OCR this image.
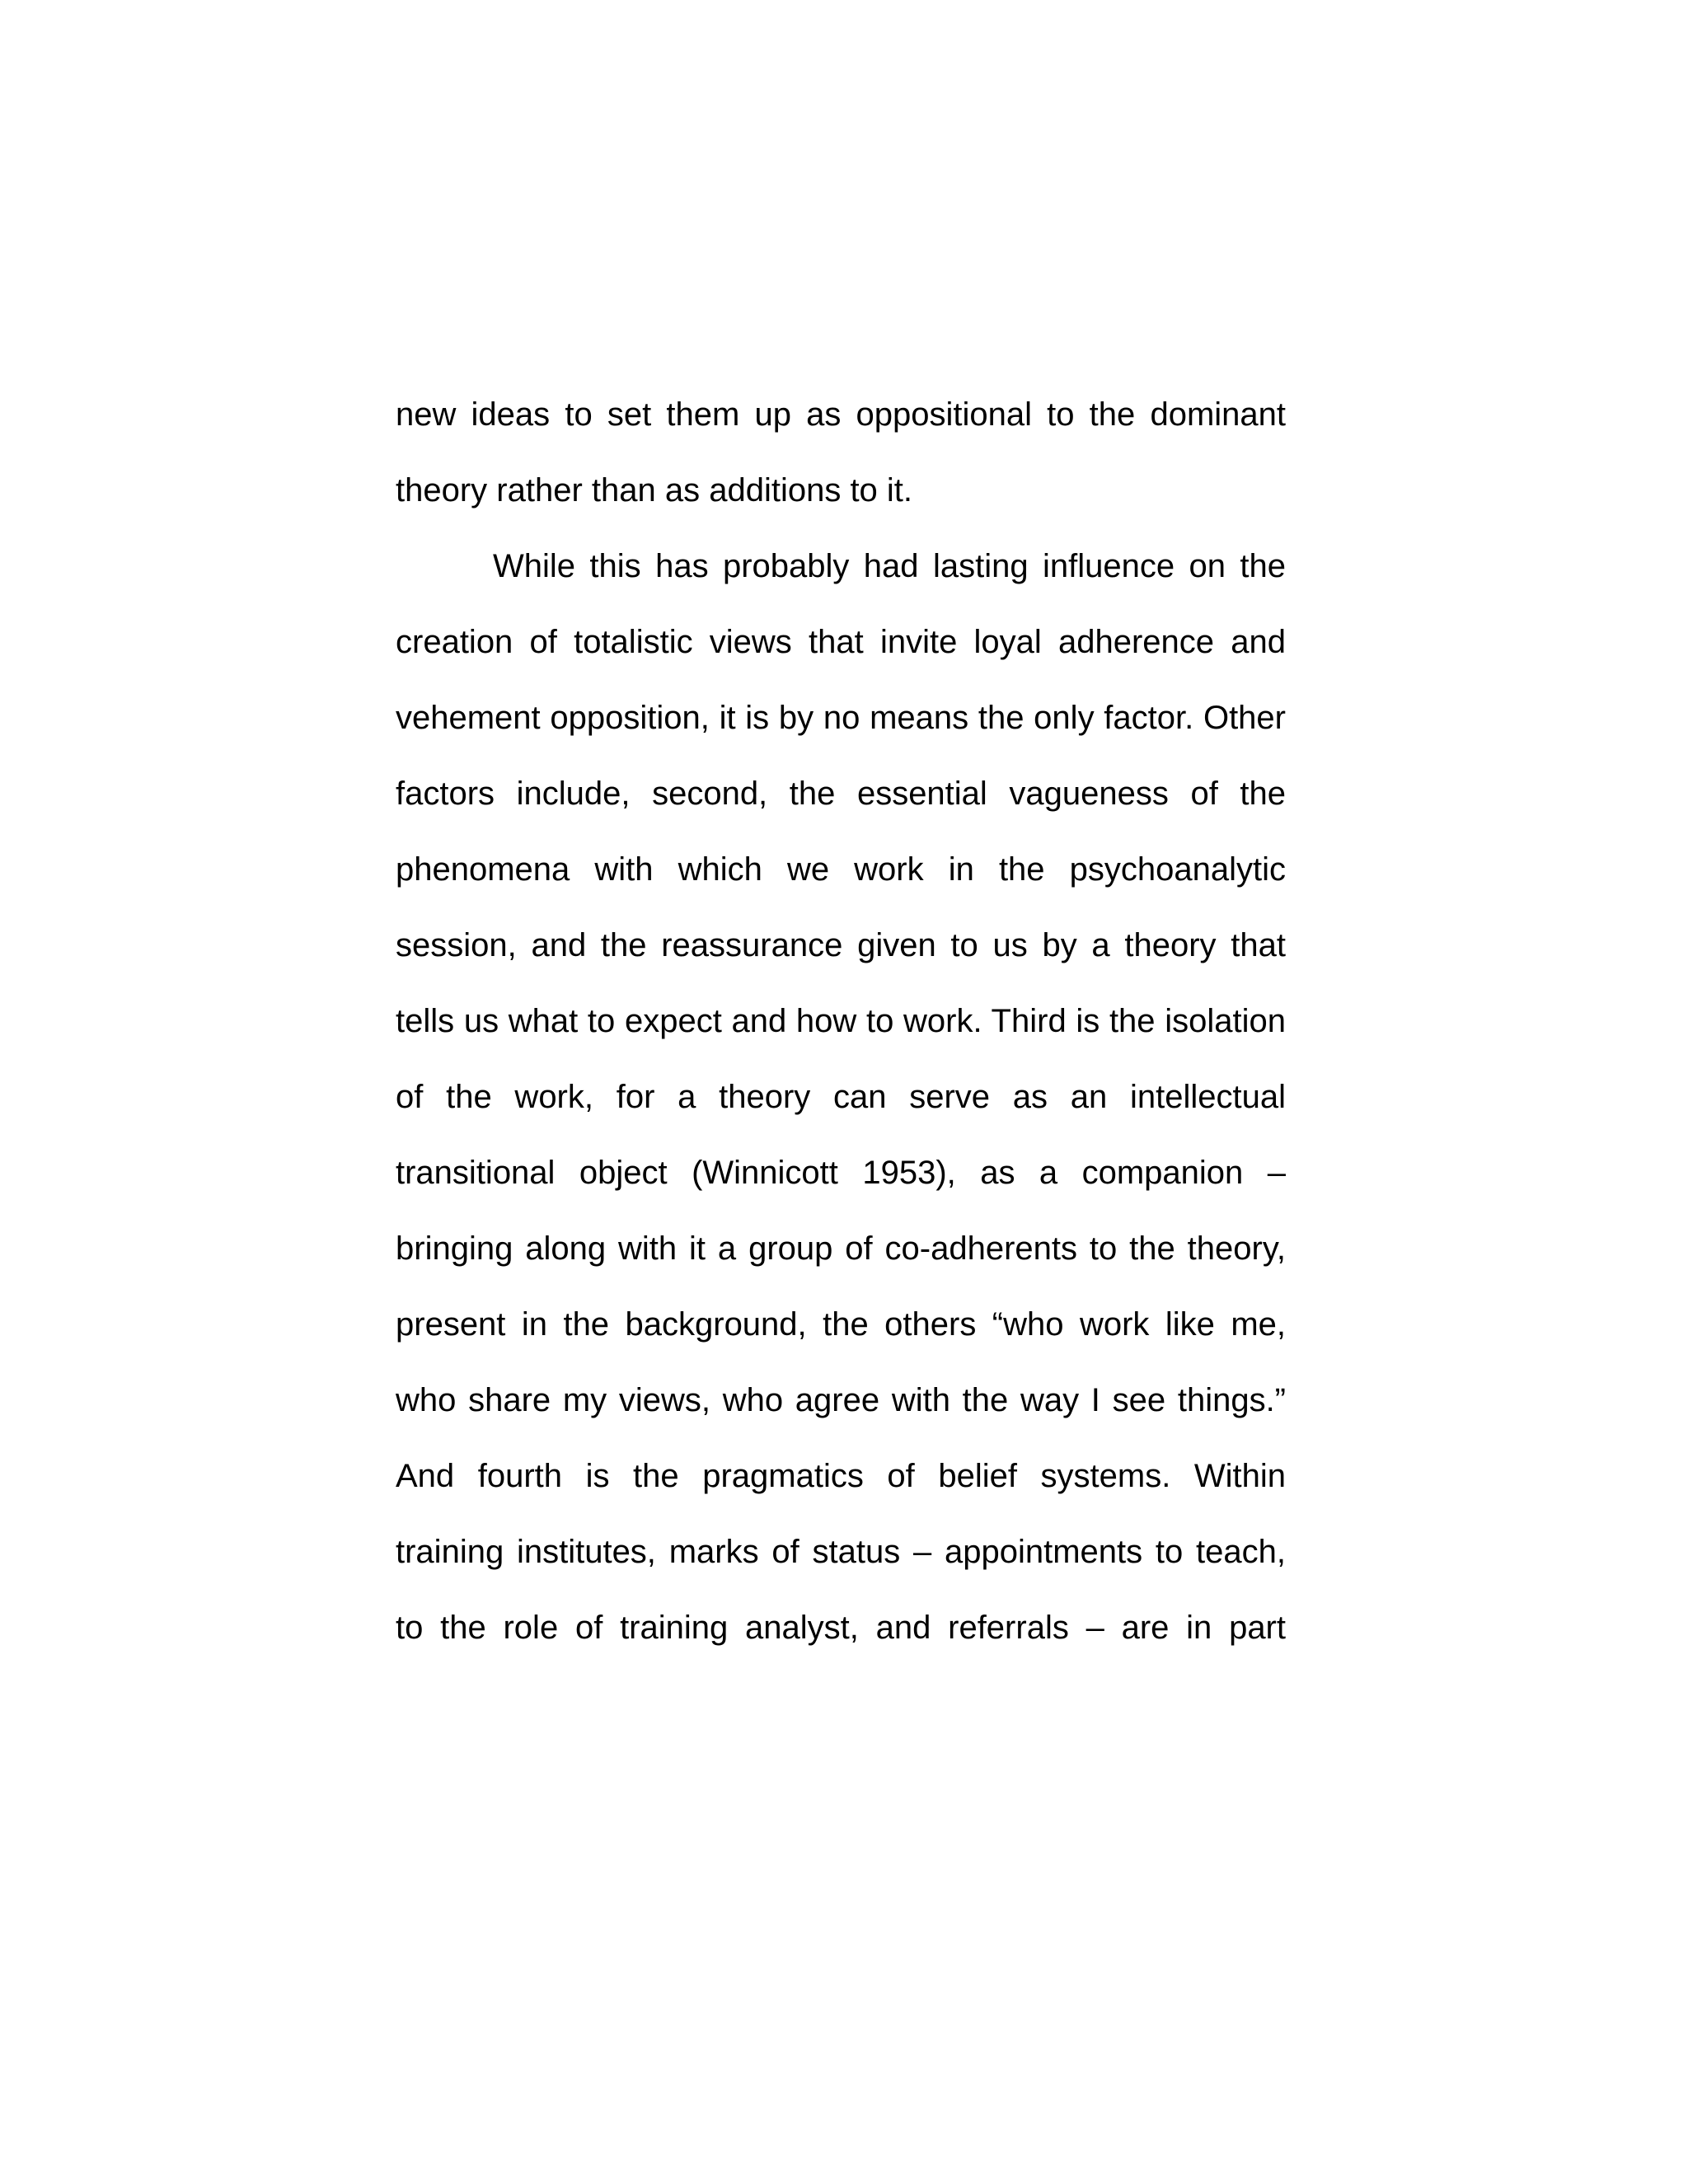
new ideas to set them up as oppositional to the dominant
theory rather than as additions to it.
While this has probably had lasting influence on the
creation of totalistic views that invite loyal adherence and
vehement opposition, it is by no means the only factor. Other
factors include, second, the essential vagueness of the
phenomena with which we work in the psychoanalytic
session, and the reassurance given to us by a theory that
tells us what to expect and how to work. Third is the isolation
of the work, for a theory can serve as an intellectual
transitional object (Winnicott 1953), as a companion –
bringing along with it a group of co-adherents to the theory,
present in the background, the others “who work like me,
who share my views, who agree with the way I see things.”
And fourth is the pragmatics of belief systems. Within
training institutes, marks of status – appointments to teach,
to the role of training analyst, and referrals – are in part
